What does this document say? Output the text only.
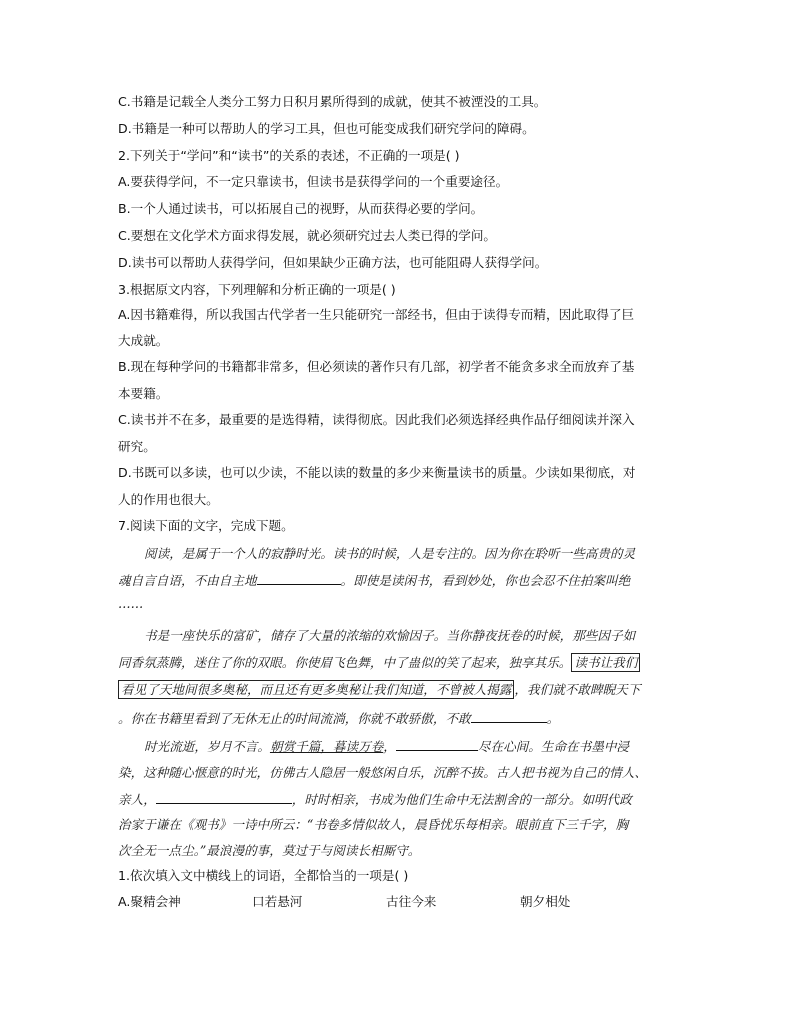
C.书籍是记载全人类分工努力日积月累所得到的成就，使其不被湮没的工具。
D.书籍是一种可以帮助人的学习工具，但也可能变成我们研究学问的障碍。
2.下列关于“学问”和“读书”的关系的表述，不正确的一项是( )
A.要获得学问，不一定只靠读书，但读书是获得学问的一个重要途径。
B.一个人通过读书，可以拓展自己的视野，从而获得必要的学问。
C.要想在文化学术方面求得发展，就必须研究过去人类已得的学问。
D.读书可以帮助人获得学问，但如果缺少正确方法，也可能阻碍人获得学问。
3.根据原文内容，下列理解和分析正确的一项是( )
A.因书籍难得，所以我国古代学者一生只能研究一部经书，但由于读得专而精，因此取得了巨
大成就。
B.现在每种学问的书籍都非常多，但必须读的著作只有几部，初学者不能贪多求全而放弃了基
本要籍。
C.读书并不在多，最重要的是选得精，读得彻底。因此我们必须选择经典作品仔细阅读并深入
研究。
D.书既可以多读，也可以少读，不能以读的数量的多少来衡量读书的质量。少读如果彻底，对
人的作用也很大。
7.阅读下面的文字，完成下题。
阅读，是属于一个人的寂静时光。读书的时候，人是专注的。因为你在聆听一些高贵的灵
魂自言自语，不由自主地	。即使是读闲书，看到妙处，你也会忍不住拍案叫绝
……
书是一座快乐的富矿，储存了大量的浓缩的欢愉因子。当你静夜抚卷的时候，那些因子如
同香氛蒸腾，迷住了你的双眼。你使眉飞色舞，中了蛊似的笑了起来，独享其乐。 读书让我们
看见了天地间很多奥秘，而且还有更多奥秘让我们知道，不曾被人揭露 ，我们就不敢睥睨天下
。你在书籍里看到了无休无止的时间流淌，你就不敢骄傲，不敢	。
时光流逝，岁月不言。朝赏千篇，暮读万卷，	尽在心间。生命在书墨中浸
染，这种随心惬意的时光，仿佛古人隐居一般悠闲自乐，沉醉不拔。古人把书视为自己的情人、
亲人，	，时时相亲，书成为他们生命中无法割舍的一部分。如明代政
治家于谦在《观书》一诗中所云：“书卷多情似故人，晨昏忧乐每相亲。眼前直下三千字，胸
次全无一点尘。”最浪漫的事，莫过于与阅读长相厮守。
1.依次填入文中横线上的词语，全都恰当的一项是( )
A.聚精会神	口若悬河	古往今来	朝夕相处
